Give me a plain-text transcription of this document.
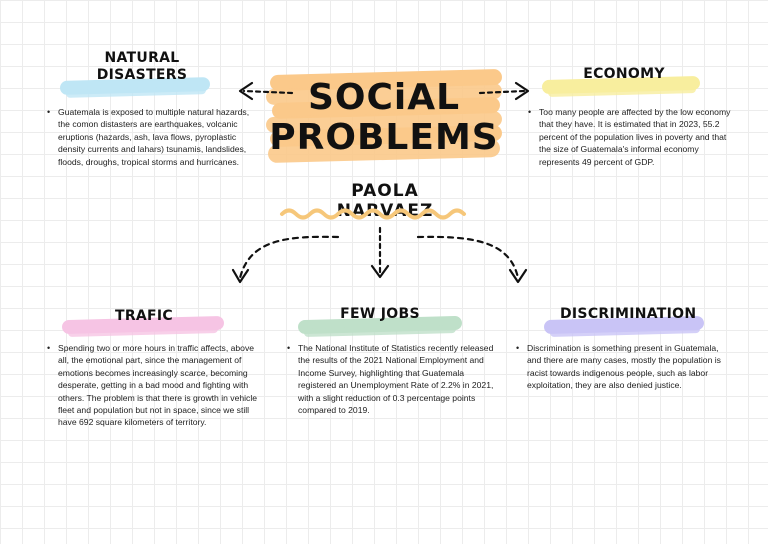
SOCiAL
PROBLEMS
PAOLA NARVAEZ
NATURAL
DISASTERS
• Guatemala is exposed to multiple natural hazards, the comon distasters are earthquakes, volcanic eruptions (hazards, ash, lava flows, pyroplastic density currents and lahars) tsunamis, landslides, floods, droughs, tropical storms and hurricanes.
ECONOMY
• Too many people are affected by the low economy that they have. It is estimated that in 2023, 55.2 percent of the population lives in poverty and that the size of Guatemala's informal economy represents 49 percent of GDP.
TRAFIC
• Spending two or more hours in traffic affects, above all, the emotional part, since the management of emotions becomes increasingly scarce, becoming desperate, getting in a bad mood and fighting with others. The problem is that there is growth in vehicle fleet and population but not in space, since we still have 692 square kilometers of territory.
FEW JOBS
• The National Institute of Statistics recently released the results of the 2021 National Employment and Income Survey, highlighting that Guatemala registered an Unemployment Rate of 2.2% in 2021, with a slight reduction of 0.3 percentage points compared to 2019.
DISCRIMINATION
• Discrimination is something present in Guatemala, and there are many cases, mostly the population is racist towards indigenous people, such as labor exploitation, they are also denied justice.
